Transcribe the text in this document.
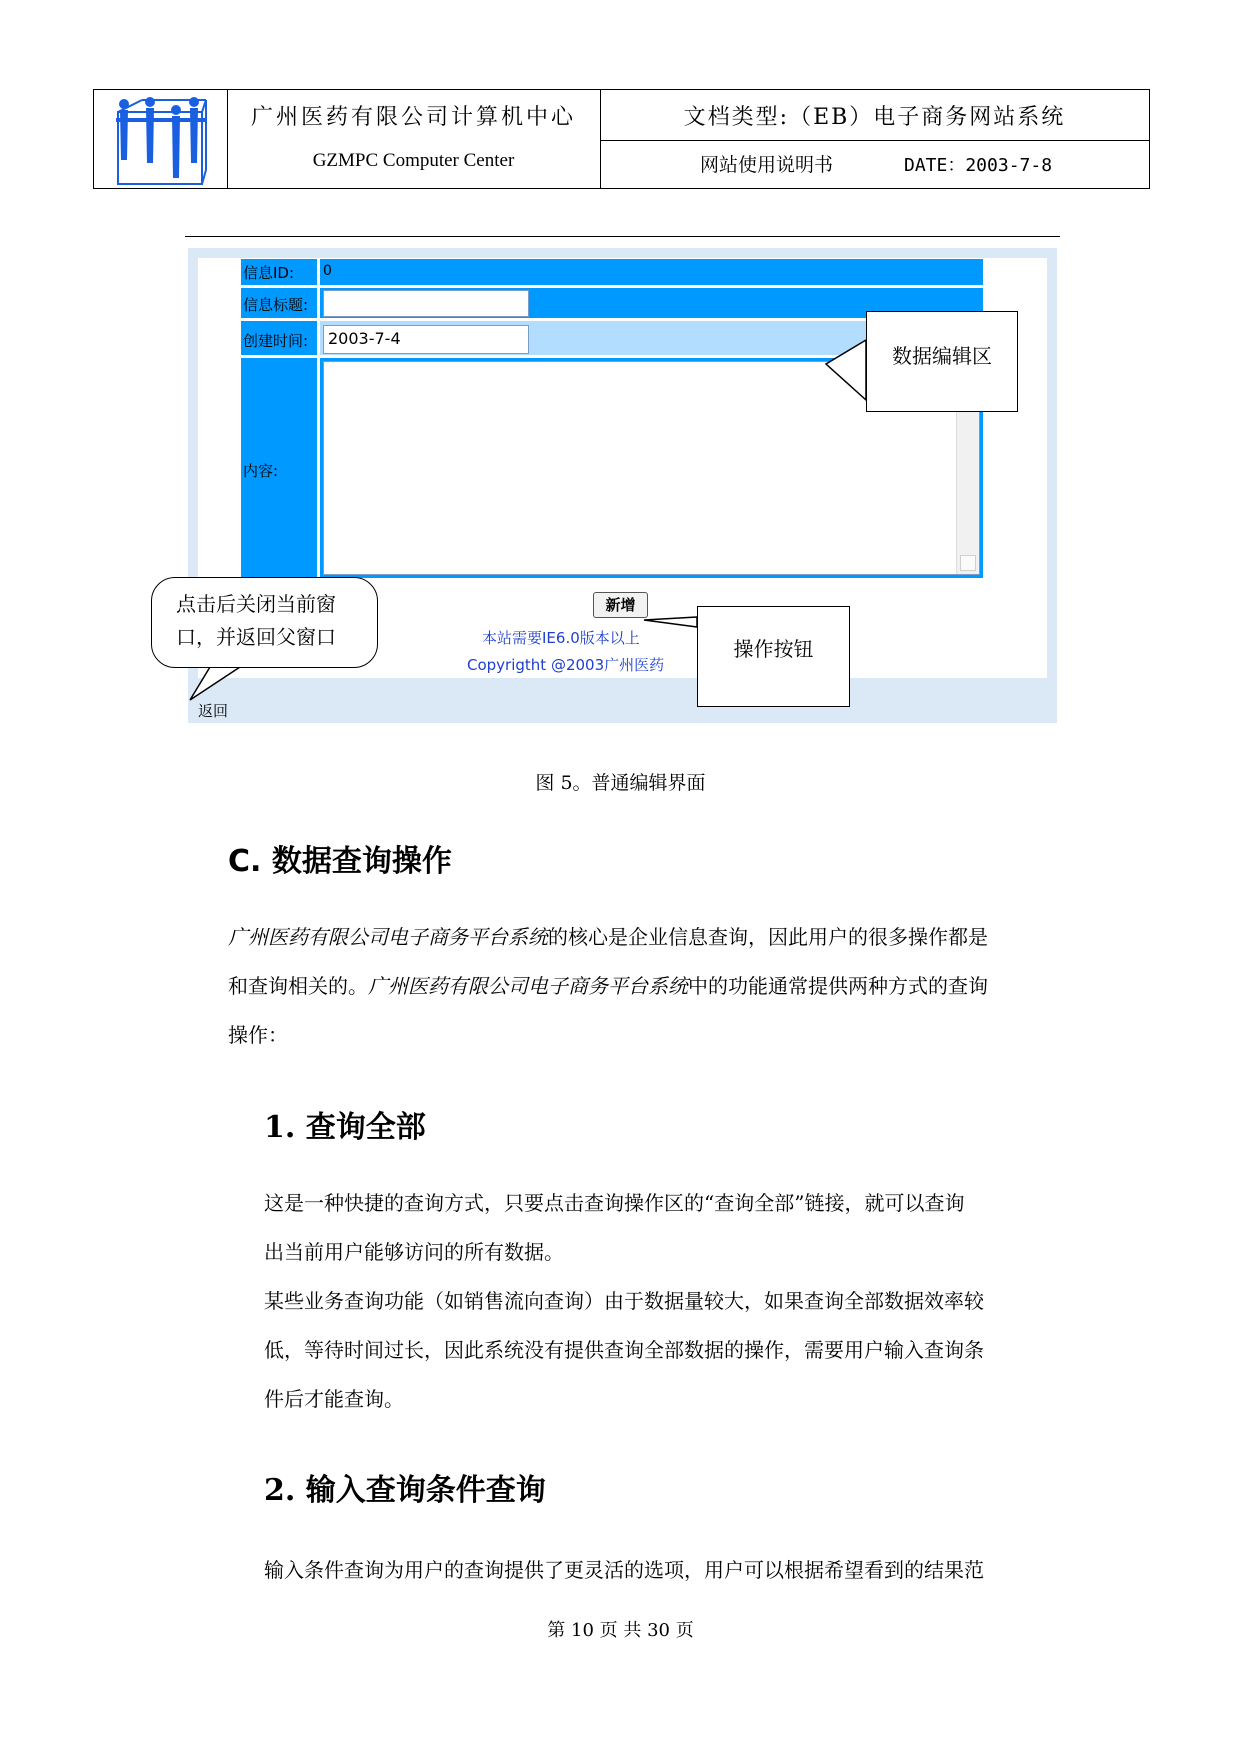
广州医药有限公司计算机中心
GZMPC Computer Center
文档类型:（EB）电子商务网站系统
网站使用说明书	DATE：2003-7-8
信息ID: 0
信息标题:
创建时间:	2003-7-4
内容:
新增
本站需要IE6.0版本以上
Copyrigtht @2003广州医药
返回
数据编辑区
点击后关闭当前窗口，并返回父窗口	操作按钮
图 5。普通编辑界面
C. 数据查询操作
广州医药有限公司电子商务平台系统的核心是企业信息查询，因此用户的很多操作都是
和查询相关的。广州医药有限公司电子商务平台系统中的功能通常提供两种方式的查询
操作：
1. 查询全部
这是一种快捷的查询方式，只要点击查询操作区的“查询全部”链接，就可以查询
出当前用户能够访问的所有数据。
某些业务查询功能（如销售流向查询）由于数据量较大，如果查询全部数据效率较
低，等待时间过长，因此系统没有提供查询全部数据的操作，需要用户输入查询条
件后才能查询。
2. 输入查询条件查询
输入条件查询为用户的查询提供了更灵活的选项，用户可以根据希望看到的结果范
第 10 页 共 30 页
